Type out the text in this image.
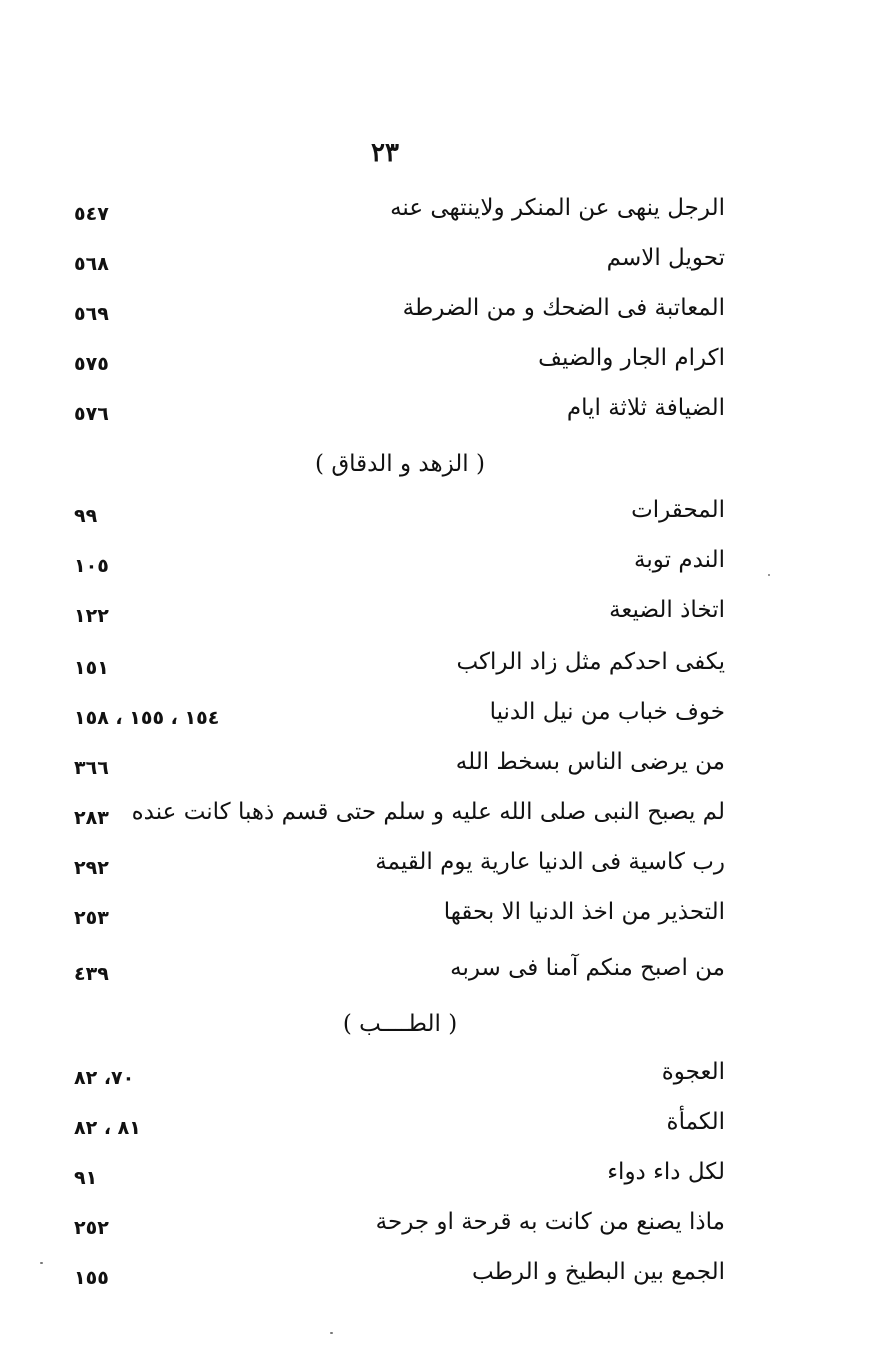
٢٣
الرجل ينهى عن المنكر ولاينتهى عنه
٥٤٧
تحويل الاسم
٥٦٨
المعاتبة فى الضحك و من الضرطة
٥٦٩
اكرام الجار والضيف
٥٧٥
الضيافة ثلاثة ايام
٥٧٦
( الزهد و الدقاق )
المحقرات
٩٩
الندم توبة
١٠٥
اتخاذ الضيعة
١٢٢
يكفى احدكم مثل زاد الراكب
١٥١
خوف خباب من نيل الدنيا
١٥٤ ، ١٥٥ ، ١٥٨
من يرضى الناس بسخط الله
٣٦٦
لم يصبح النبى صلى الله عليه و سلم حتى قسم ذهبا كانت عنده
٢٨٣
رب كاسية فى الدنيا عارية يوم القيمة
٢٩٢
التحذير من اخذ الدنيا الا بحقها
٢٥٣
من اصبح منكم آمنا فى سربه
٤٣٩
( الطــــب )
العجوة
٧٠، ٨٢
الكمأة
٨١ ، ٨٢
لكل داء دواء
٩١
ماذا يصنع من كانت به قرحة او جرحة
٢٥٢
الجمع بين البطيخ و الرطب
١٥٥
